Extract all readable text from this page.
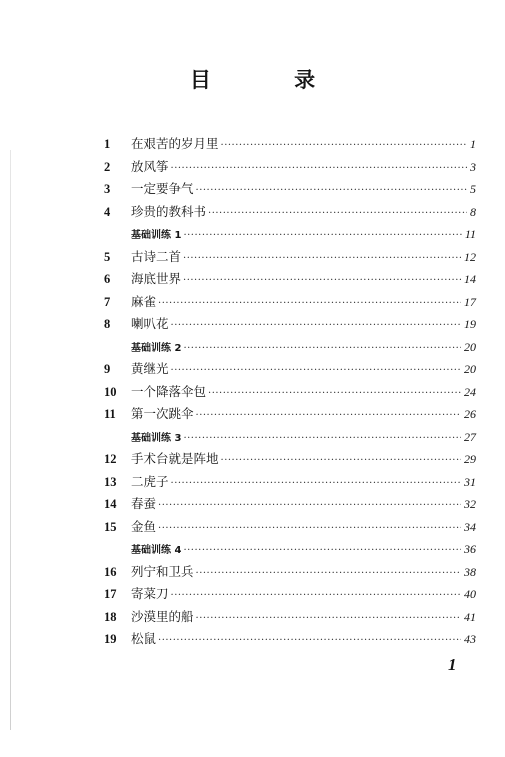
目 录
1	在艰苦的岁月里 ·····	1
2	放风筝 ·····	3
3	一定要争气 ·····	5
4	珍贵的教科书 ·····	8
基础训练 1 ·····	11
5	古诗二首 ·····	12
6	海底世界 ·····	14
7	麻雀 ·····	17
8	喇叭花 ·····	19
基础训练 2 ·····	20
9	黄继光 ·····	20
10	一个降落伞包 ·····	24
11	第一次跳伞 ·····	26
基础训练 3 ·····	27
12	手术台就是阵地 ·····	29
13	二虎子 ·····	31
14	春蚕 ·····	32
15	金鱼 ·····	34
基础训练 4 ·····	36
16	列宁和卫兵 ·····	38
17	寄菜刀 ·····	40
18	沙漠里的船 ·····	41
19	松鼠 ·····	43
1
